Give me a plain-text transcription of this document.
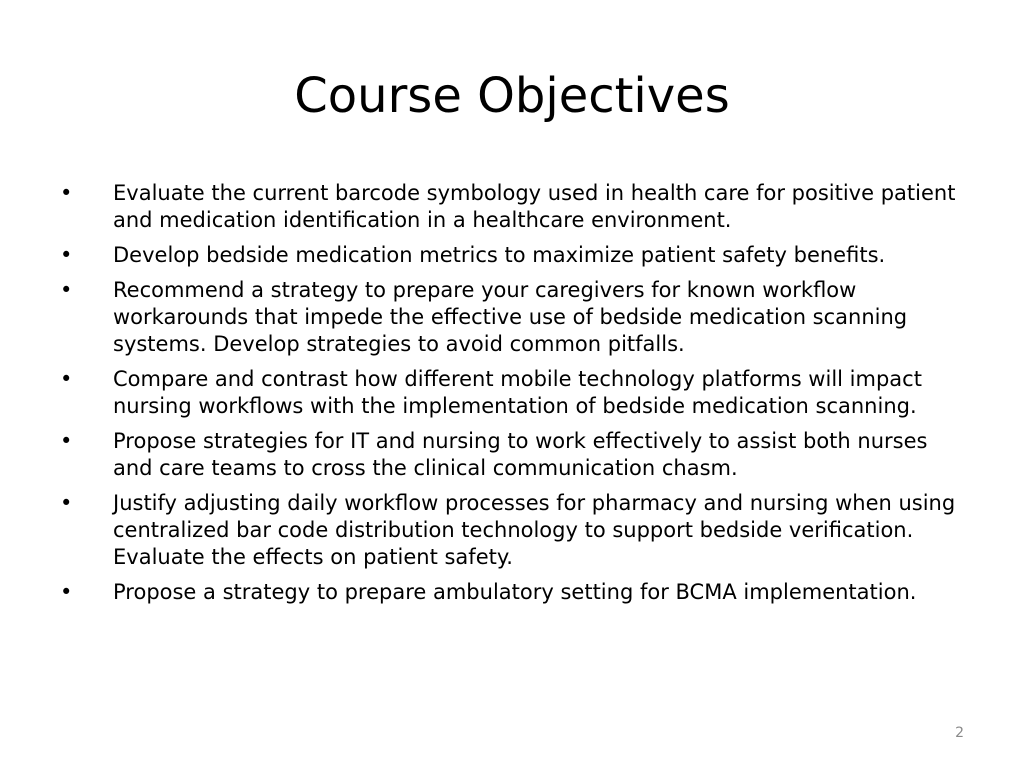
Course Objectives
•	Evaluate the current barcode symbology used in health care for positive patient and medication identification in a healthcare environment.
•	Develop bedside medication metrics to maximize patient safety benefits.
•	Recommend a strategy to prepare your caregivers for known workflow workarounds that impede the effective use of bedside medication scanning systems. Develop strategies to avoid common pitfalls.
•	Compare and contrast how different mobile technology platforms will impact nursing workflows with the implementation of bedside medication scanning.
•	Propose strategies for IT and nursing to work effectively to assist both nurses and care teams to cross the clinical communication chasm.
•	Justify adjusting daily workflow processes for pharmacy and nursing when using centralized bar code distribution technology to support bedside verification. Evaluate the effects on patient safety.
•	Propose a strategy to prepare ambulatory setting for BCMA implementation.
2
